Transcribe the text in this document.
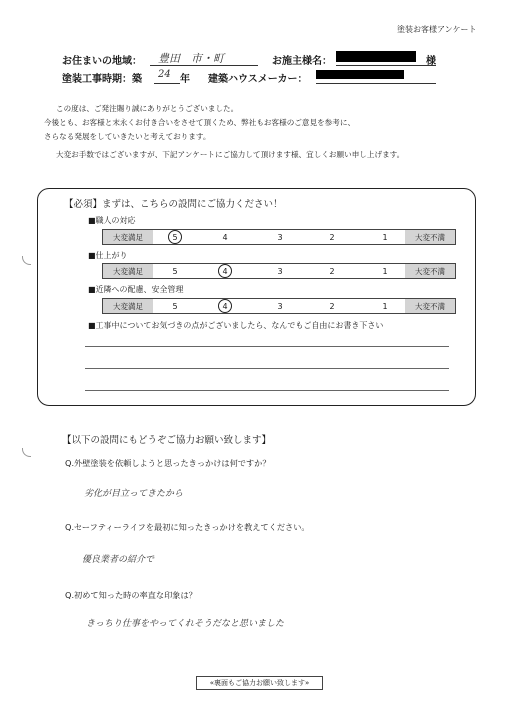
塗装お客様アンケート
お住まいの地域： 豊田　市・町	お施主様名：	様
塗装工事時期：築 24 年 建築ハウスメーカー：
この度は、ご発注賜り誠にありがとうございました。
今後とも、お客様と末永くお付き合いをさせて頂くため、弊社もお客様のご意見を参考に、
さらなる発展をしていきたいと考えております。
大変お手数ではございますが、下記アンケートにご協力して頂けます様、宜しくお願い申し上げます。
【必須】まずは、こちらの設問にご協力ください！
■職人の対応
大変満足	5	4	3	2	1	大変不満
■仕上がり
大変満足	5	4	3	2	1	大変不満
■近隣への配慮、安全管理
大変満足	5	4	3	2	1	大変不満
■工事中についてお気づきの点がございましたら、なんでもご自由にお書き下さい
【以下の設問にもどうぞご協力お願い致します】
Q.外壁塗装を依頼しようと思ったきっかけは何ですか？
劣化が目立ってきたから
Q.セーフティーライフを最初に知ったきっかけを教えてください。
優良業者の紹介で
Q.初めて知った時の率直な印象は？
きっちり仕事をやってくれそうだなと思いました
«裏面もご協力お願い致します»
